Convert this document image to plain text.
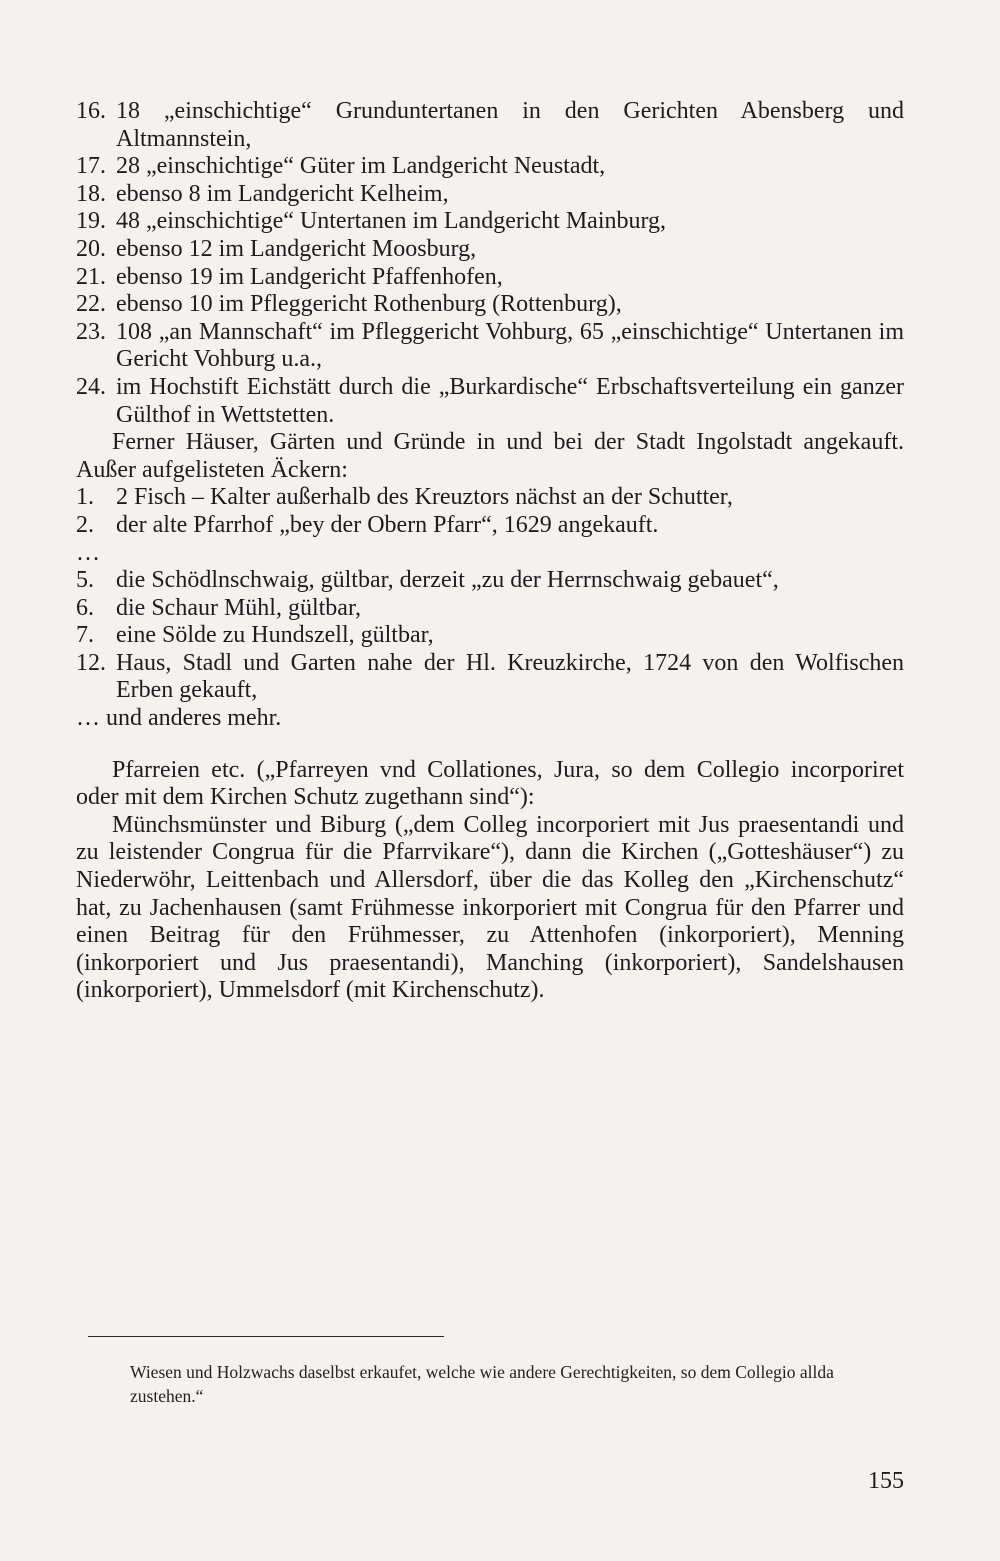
16. 18 „einschichtige“ Grunduntertanen in den Gerichten Abensberg und Altmannstein,
17. 28 „einschichtige“ Güter im Landgericht Neustadt,
18. ebenso 8 im Landgericht Kelheim,
19. 48 „einschichtige“ Untertanen im Landgericht Mainburg,
20. ebenso 12 im Landgericht Moosburg,
21. ebenso 19 im Landgericht Pfaffenhofen,
22. ebenso 10 im Pfleggericht Rothenburg (Rottenburg),
23. 108 „an Mannschaft“ im Pfleggericht Vohburg, 65 „einschichtige“ Untertanen im Gericht Vohburg u.a.,
24. im Hochstift Eichstätt durch die „Burkardische“ Erbschaftsverteilung ein ganzer Gülthof in Wettstetten.

Ferner Häuser, Gärten und Gründe in und bei der Stadt Ingolstadt angekauft. Außer aufgelisteten Äckern:

1. 2 Fisch – Kalter außerhalb des Kreuztors nächst an der Schutter,
2. der alte Pfarrhof „bey der Obern Pfarr“, 1629 angekauft.

…

5. die Schödlnschwaig, gültbar, derzeit „zu der Herrnschwaig gebauet“,
6. die Schaur Mühl, gültbar,
7. eine Sölde zu Hundszell, gültbar,
12. Haus, Stadl und Garten nahe der Hl. Kreuzkirche, 1724 von den Wolfischen Erben gekauft,

… und anderes mehr.

Pfarreien etc. („Pfarreyen vnd Collationes, Jura, so dem Collegio incorporiret oder mit dem Kirchen Schutz zugethann sind“):

Münchsmünster und Biburg („dem Colleg incorporiert mit Jus praesentandi und zu leistender Congrua für die Pfarrvikare“), dann die Kirchen („Gotteshäuser“) zu Niederwöhr, Leittenbach und Allersdorf, über die das Kolleg den „Kirchenschutz“ hat, zu Jachenhausen (samt Frühmesse inkorporiert mit Congrua für den Pfarrer und einen Beitrag für den Frühmesser, zu Attenhofen (inkorporiert), Menning (inkorporiert und Jus praesentandi), Manching (inkorporiert), Sandelshausen (inkorporiert), Ummelsdorf (mit Kirchenschutz).

Wiesen und Holzwachs daselbst erkaufet, welche wie andere Gerechtigkeiten, so dem Collegio allda zustehen.“
155
